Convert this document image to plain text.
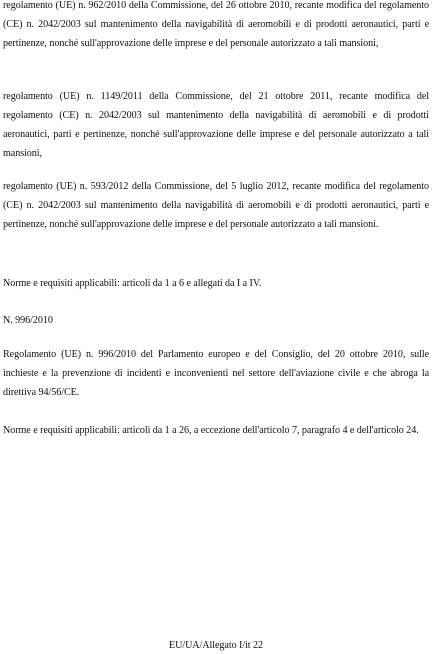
regolamento (UE) n. 962/2010 della Commissione, del 26 ottobre 2010, recante modifica del regolamento (CE) n. 2042/2003 sul mantenimento della navigabilità di aeromobili e di prodotti aeronautici, parti e pertinenze, nonché sull'approvazione delle imprese e del personale autorizzato a tali mansioni,

regolamento (UE) n. 1149/2011 della Commissione, del 21 ottobre 2011, recante modifica del regolamento (CE) n. 2042/2003 sul mantenimento della navigabilità di aeromobili e di prodotti aeronautici, parti e pertinenze, nonché sull'approvazione delle imprese e del personale autorizzato a tali mansioni,

regolamento (UE) n. 593/2012 della Commissione, del 5 luglio 2012, recante modifica del regolamento (CE) n. 2042/2003 sul mantenimento della navigabilità di aeromobili e di prodotti aeronautici, parti e pertinenze, nonché sull'approvazione delle imprese e del personale autorizzato a tali mansioni.

Norme e requisiti applicabili: articoli da 1 a 6 e allegati da I a IV.

N. 996/2010

Regolamento (UE) n. 996/2010 del Parlamento europeo e del Consiglio, del 20 ottobre 2010, sulle inchieste e la prevenzione di incidenti e inconvenienti nel settore dell'aviazione civile e che abroga la direttiva 94/56/CE.

Norme e requisiti applicabili: articoli da 1 a 26, a eccezione dell'articolo 7, paragrafo 4 e dell'articolo 24.

EU/UA/Allegato I/it 22
